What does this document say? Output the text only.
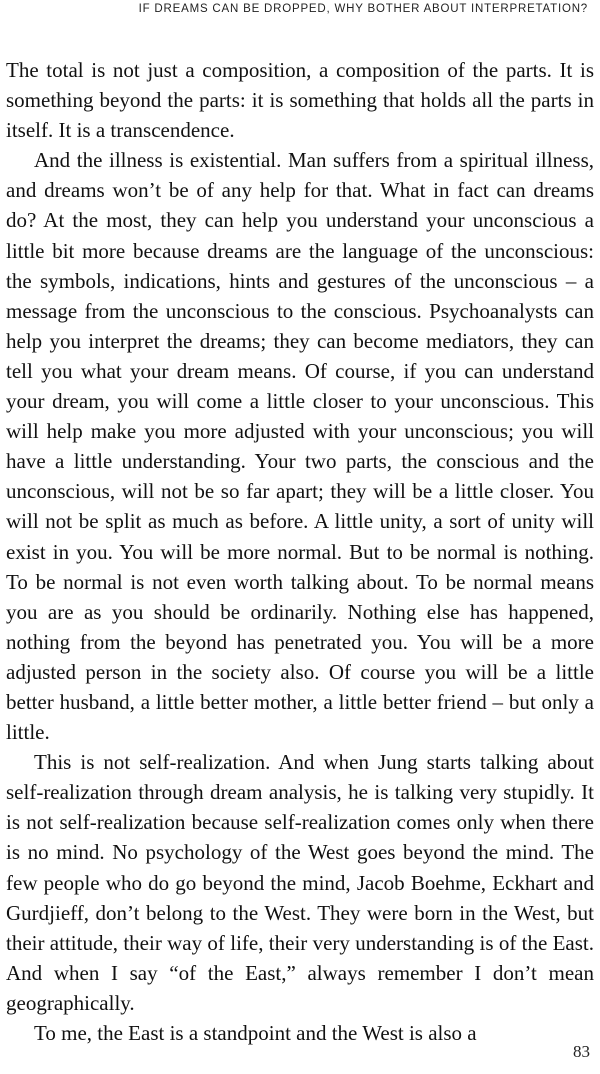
IF DREAMS CAN BE DROPPED, WHY BOTHER ABOUT INTERPRETATION?

The total is not just a composition, a composition of the parts. It is something beyond the parts: it is something that holds all the parts in itself. It is a transcendence.

And the illness is existential. Man suffers from a spiritual illness, and dreams won’t be of any help for that. What in fact can dreams do? At the most, they can help you understand your unconscious a little bit more because dreams are the language of the unconscious: the symbols, indications, hints and gestures of the unconscious – a message from the unconscious to the conscious. Psychoanalysts can help you interpret the dreams; they can become mediators, they can tell you what your dream means. Of course, if you can understand your dream, you will come a little closer to your unconscious. This will help make you more adjusted with your unconscious; you will have a little understanding. Your two parts, the conscious and the unconscious, will not be so far apart; they will be a little closer. You will not be split as much as before. A little unity, a sort of unity will exist in you. You will be more normal. But to be normal is nothing. To be normal is not even worth talking about. To be normal means you are as you should be ordinarily. Nothing else has happened, nothing from the beyond has penetrated you. You will be a more adjusted person in the society also. Of course you will be a little better husband, a little better mother, a little better friend – but only a little.

This is not self-realization. And when Jung starts talking about self-realization through dream analysis, he is talking very stupidly. It is not self-realization because self-realization comes only when there is no mind. No psychology of the West goes beyond the mind. The few people who do go beyond the mind, Jacob Boehme, Eckhart and Gurdjieff, don’t belong to the West. They were born in the West, but their attitude, their way of life, their very understanding is of the East. And when I say “of the East,” always remember I don’t mean geographically.

To me, the East is a standpoint and the West is also a

83
